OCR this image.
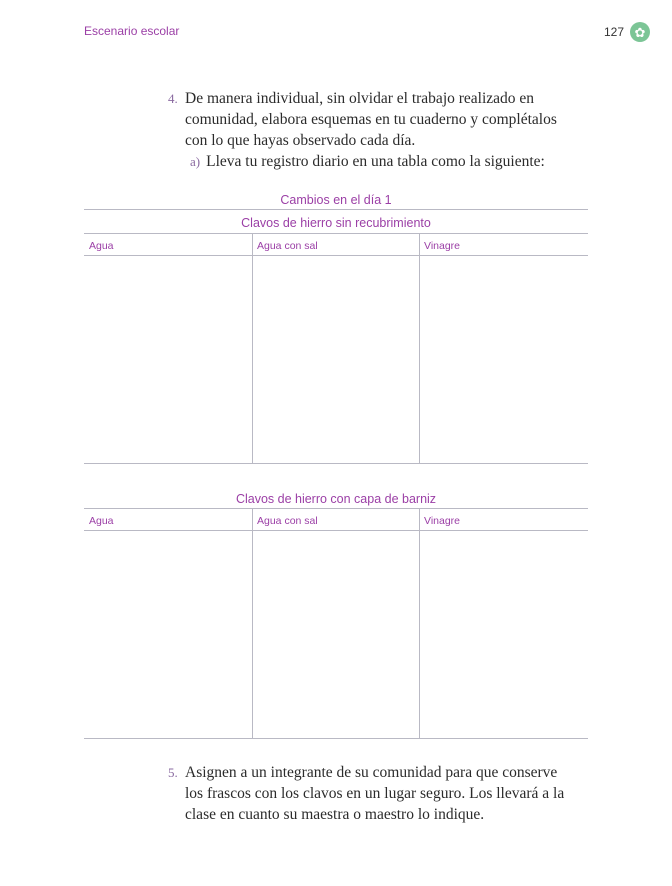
Escenario escolar	127 ✿
4. De manera individual, sin olvidar el trabajo realizado en comunidad, elabora esquemas en tu cuaderno y complétalos con lo que hayas observado cada día.
a) Lleva tu registro diario en una tabla como la siguiente:
Cambios en el día 1
Clavos de hierro sin recubrimiento
Agua	Agua con sal	Vinagre
Clavos de hierro con capa de barniz
Agua	Agua con sal	Vinagre
5. Asignen a un integrante de su comunidad para que conserve los frascos con los clavos en un lugar seguro. Los llevará a la clase en cuanto su maestra o maestro lo indique.
